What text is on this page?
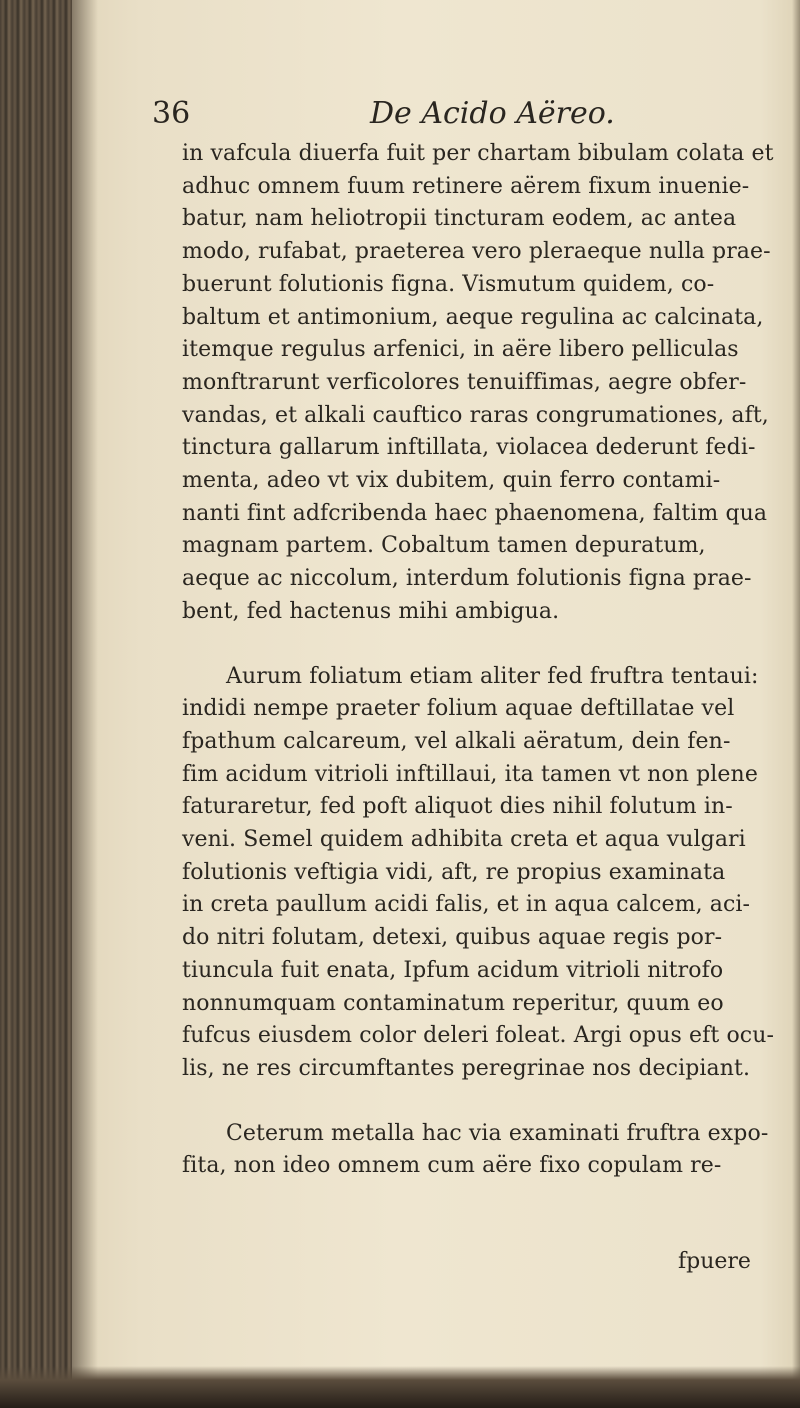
36	De Acido Aëreo.
in vafcula diuerfa fuit per chartam bibulam colata et
adhuc omnem fuum retinere aërem fixum inuenie-
batur, nam heliotropii tincturam eodem, ac antea
modo, rufabat, praeterea vero pleraeque nulla prae-
buerunt folutionis figna. Vismutum quidem, co-
baltum et antimonium, aeque regulina ac calcinata,
itemque regulus arfenici, in aëre libero pelliculas
monftrarunt verficolores tenuiffimas, aegre obfer-
vandas, et alkali cauftico raras congrumationes, aft,
tinctura gallarum inftillata, violacea dederunt fedi-
menta, adeo vt vix dubitem, quin ferro contami-
nanti fint adfcribenda haec phaenomena, faltim qua
magnam partem. Cobaltum tamen depuratum,
aeque ac niccolum, interdum folutionis figna prae-
bent, fed hactenus mihi ambigua.
Aurum foliatum etiam aliter fed fruftra tentaui:
indidi nempe praeter folium aquae deftillatae vel
fpathum calcareum, vel alkali aëratum, dein fen-
fim acidum vitrioli inftillaui, ita tamen vt non plene
faturaretur, fed poft aliquot dies nihil folutum in-
veni. Semel quidem adhibita creta et aqua vulgari
folutionis veftigia vidi, aft, re propius examinata
in creta paullum acidi falis, et in aqua calcem, aci-
do nitri folutam, detexi, quibus aquae regis por-
tiuncula fuit enata, Ipfum acidum vitrioli nitrofo
nonnumquam contaminatum reperitur, quum eo
fufcus eiusdem color deleri foleat. Argi opus eft ocu-
lis, ne res circumftantes peregrinae nos decipiant.
Ceterum metalla hac via examinati fruftra expo-
fita, non ideo omnem cum aëre fixo copulam re-
fpuere
